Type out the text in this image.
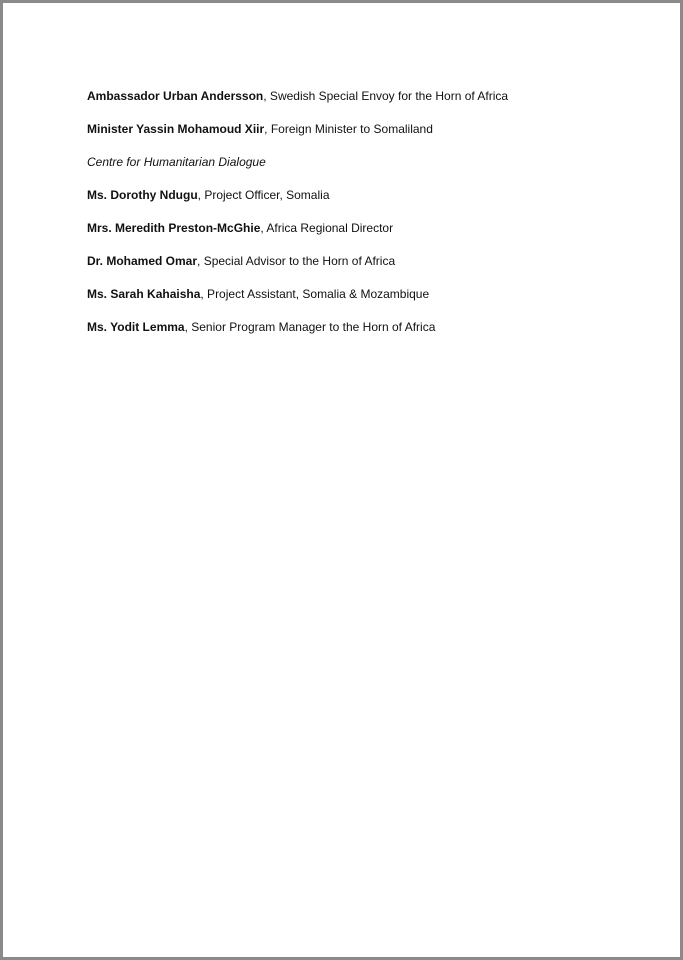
Ambassador Urban Andersson, Swedish Special Envoy for the Horn of Africa
Minister Yassin Mohamoud Xiir, Foreign Minister to Somaliland
Centre for Humanitarian Dialogue
Ms. Dorothy Ndugu, Project Officer, Somalia
Mrs. Meredith Preston-McGhie, Africa Regional Director
Dr. Mohamed Omar, Special Advisor to the Horn of Africa
Ms. Sarah Kahaisha, Project Assistant, Somalia & Mozambique
Ms. Yodit Lemma, Senior Program Manager to the Horn of Africa
